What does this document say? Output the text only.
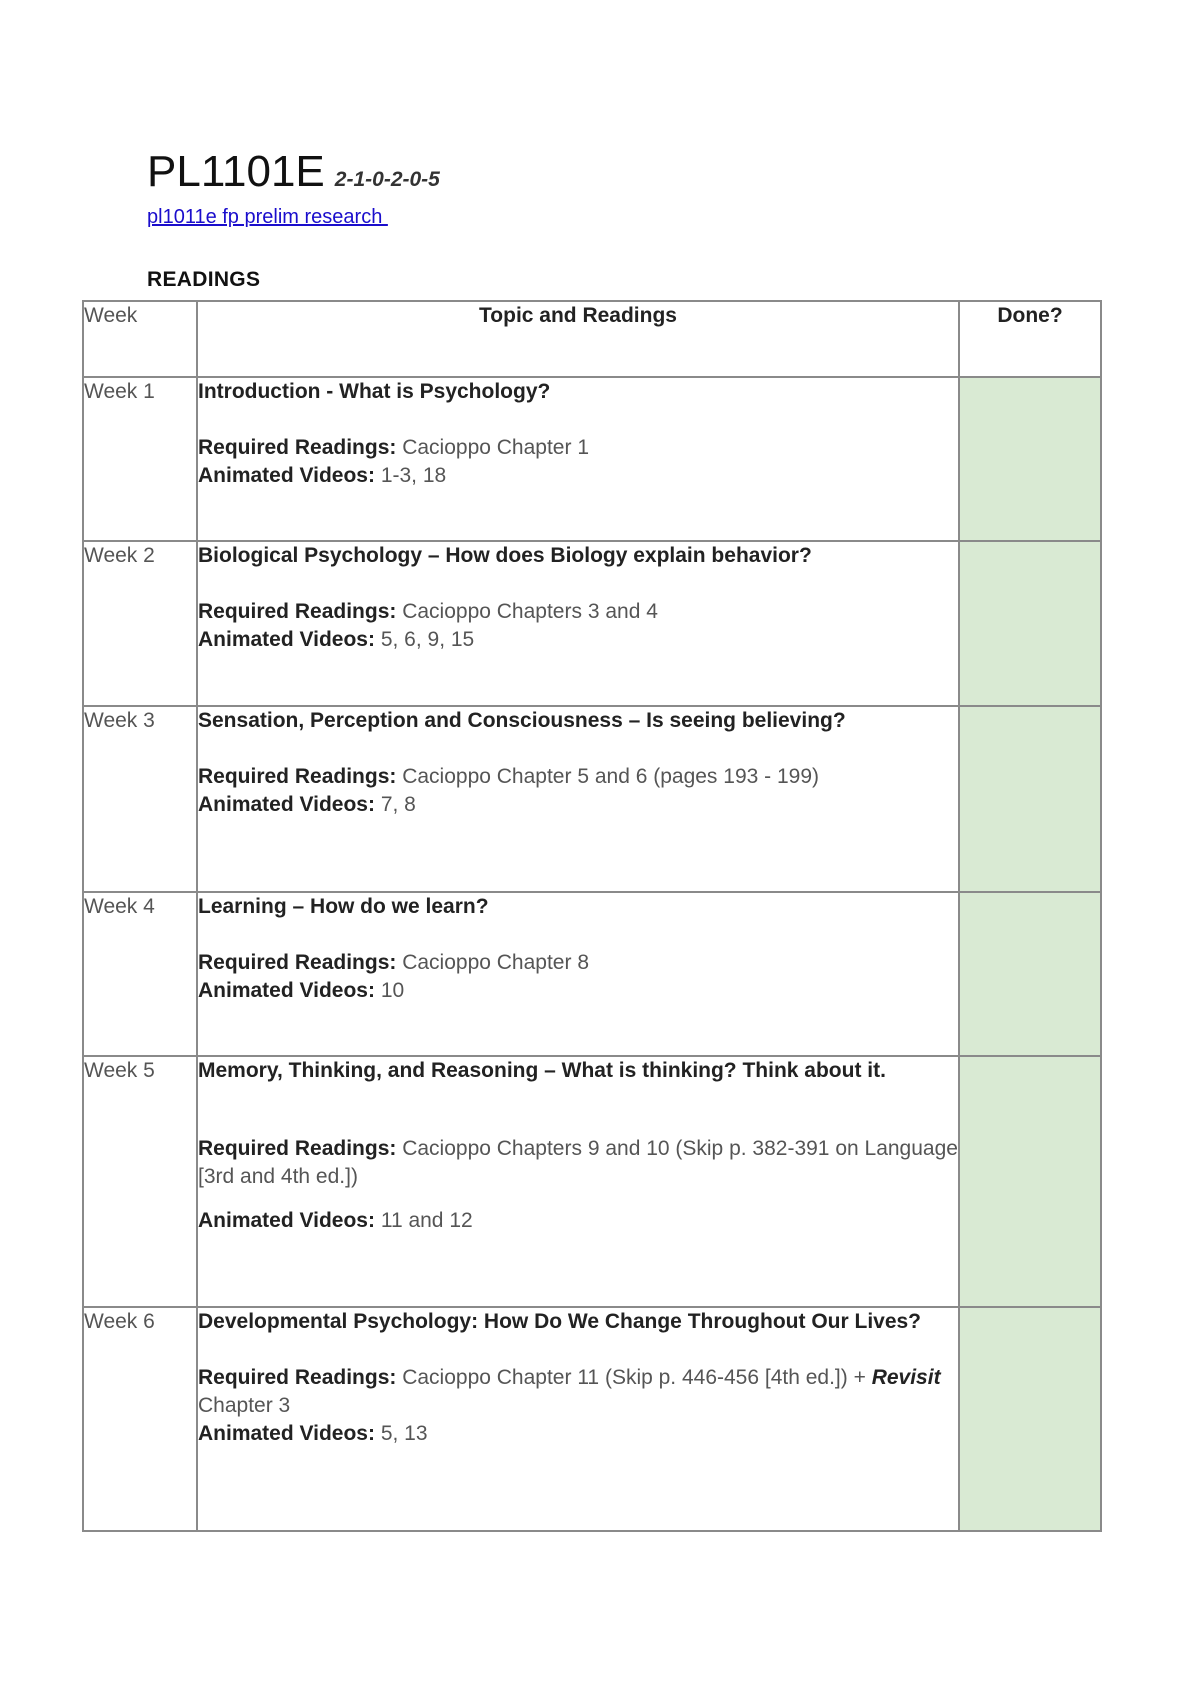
PL1101E 2-1-0-2-0-5
pl1011e fp prelim research
READINGS
Week	Topic and Readings	Done?
Week 1	Introduction - What is Psychology?
Required Readings: Cacioppo Chapter 1
Animated Videos: 1-3, 18	

Week 2	Biological Psychology – How does Biology explain behavior?
Required Readings: Cacioppo Chapters 3 and 4
Animated Videos: 5, 6, 9, 15	

Week 3	Sensation, Perception and Consciousness – Is seeing believing?
Required Readings: Cacioppo Chapter 5 and 6 (pages 193 - 199)
Animated Videos: 7, 8	

Week 4	Learning – How do we learn?
Required Readings: Cacioppo Chapter 8
Animated Videos: 10	

Week 5	Memory, Thinking, and Reasoning – What is thinking? Think about it.
Required Readings: Cacioppo Chapters 9 and 10 (Skip p. 382-391 on Language [3rd and 4th ed.])
Animated Videos: 11 and 12	

Week 6	Developmental Psychology: How Do We Change Throughout Our Lives?
Required Readings: Cacioppo Chapter 11 (Skip p. 446-456 [4th ed.]) + Revisit Chapter 3
Animated Videos: 5, 13	
